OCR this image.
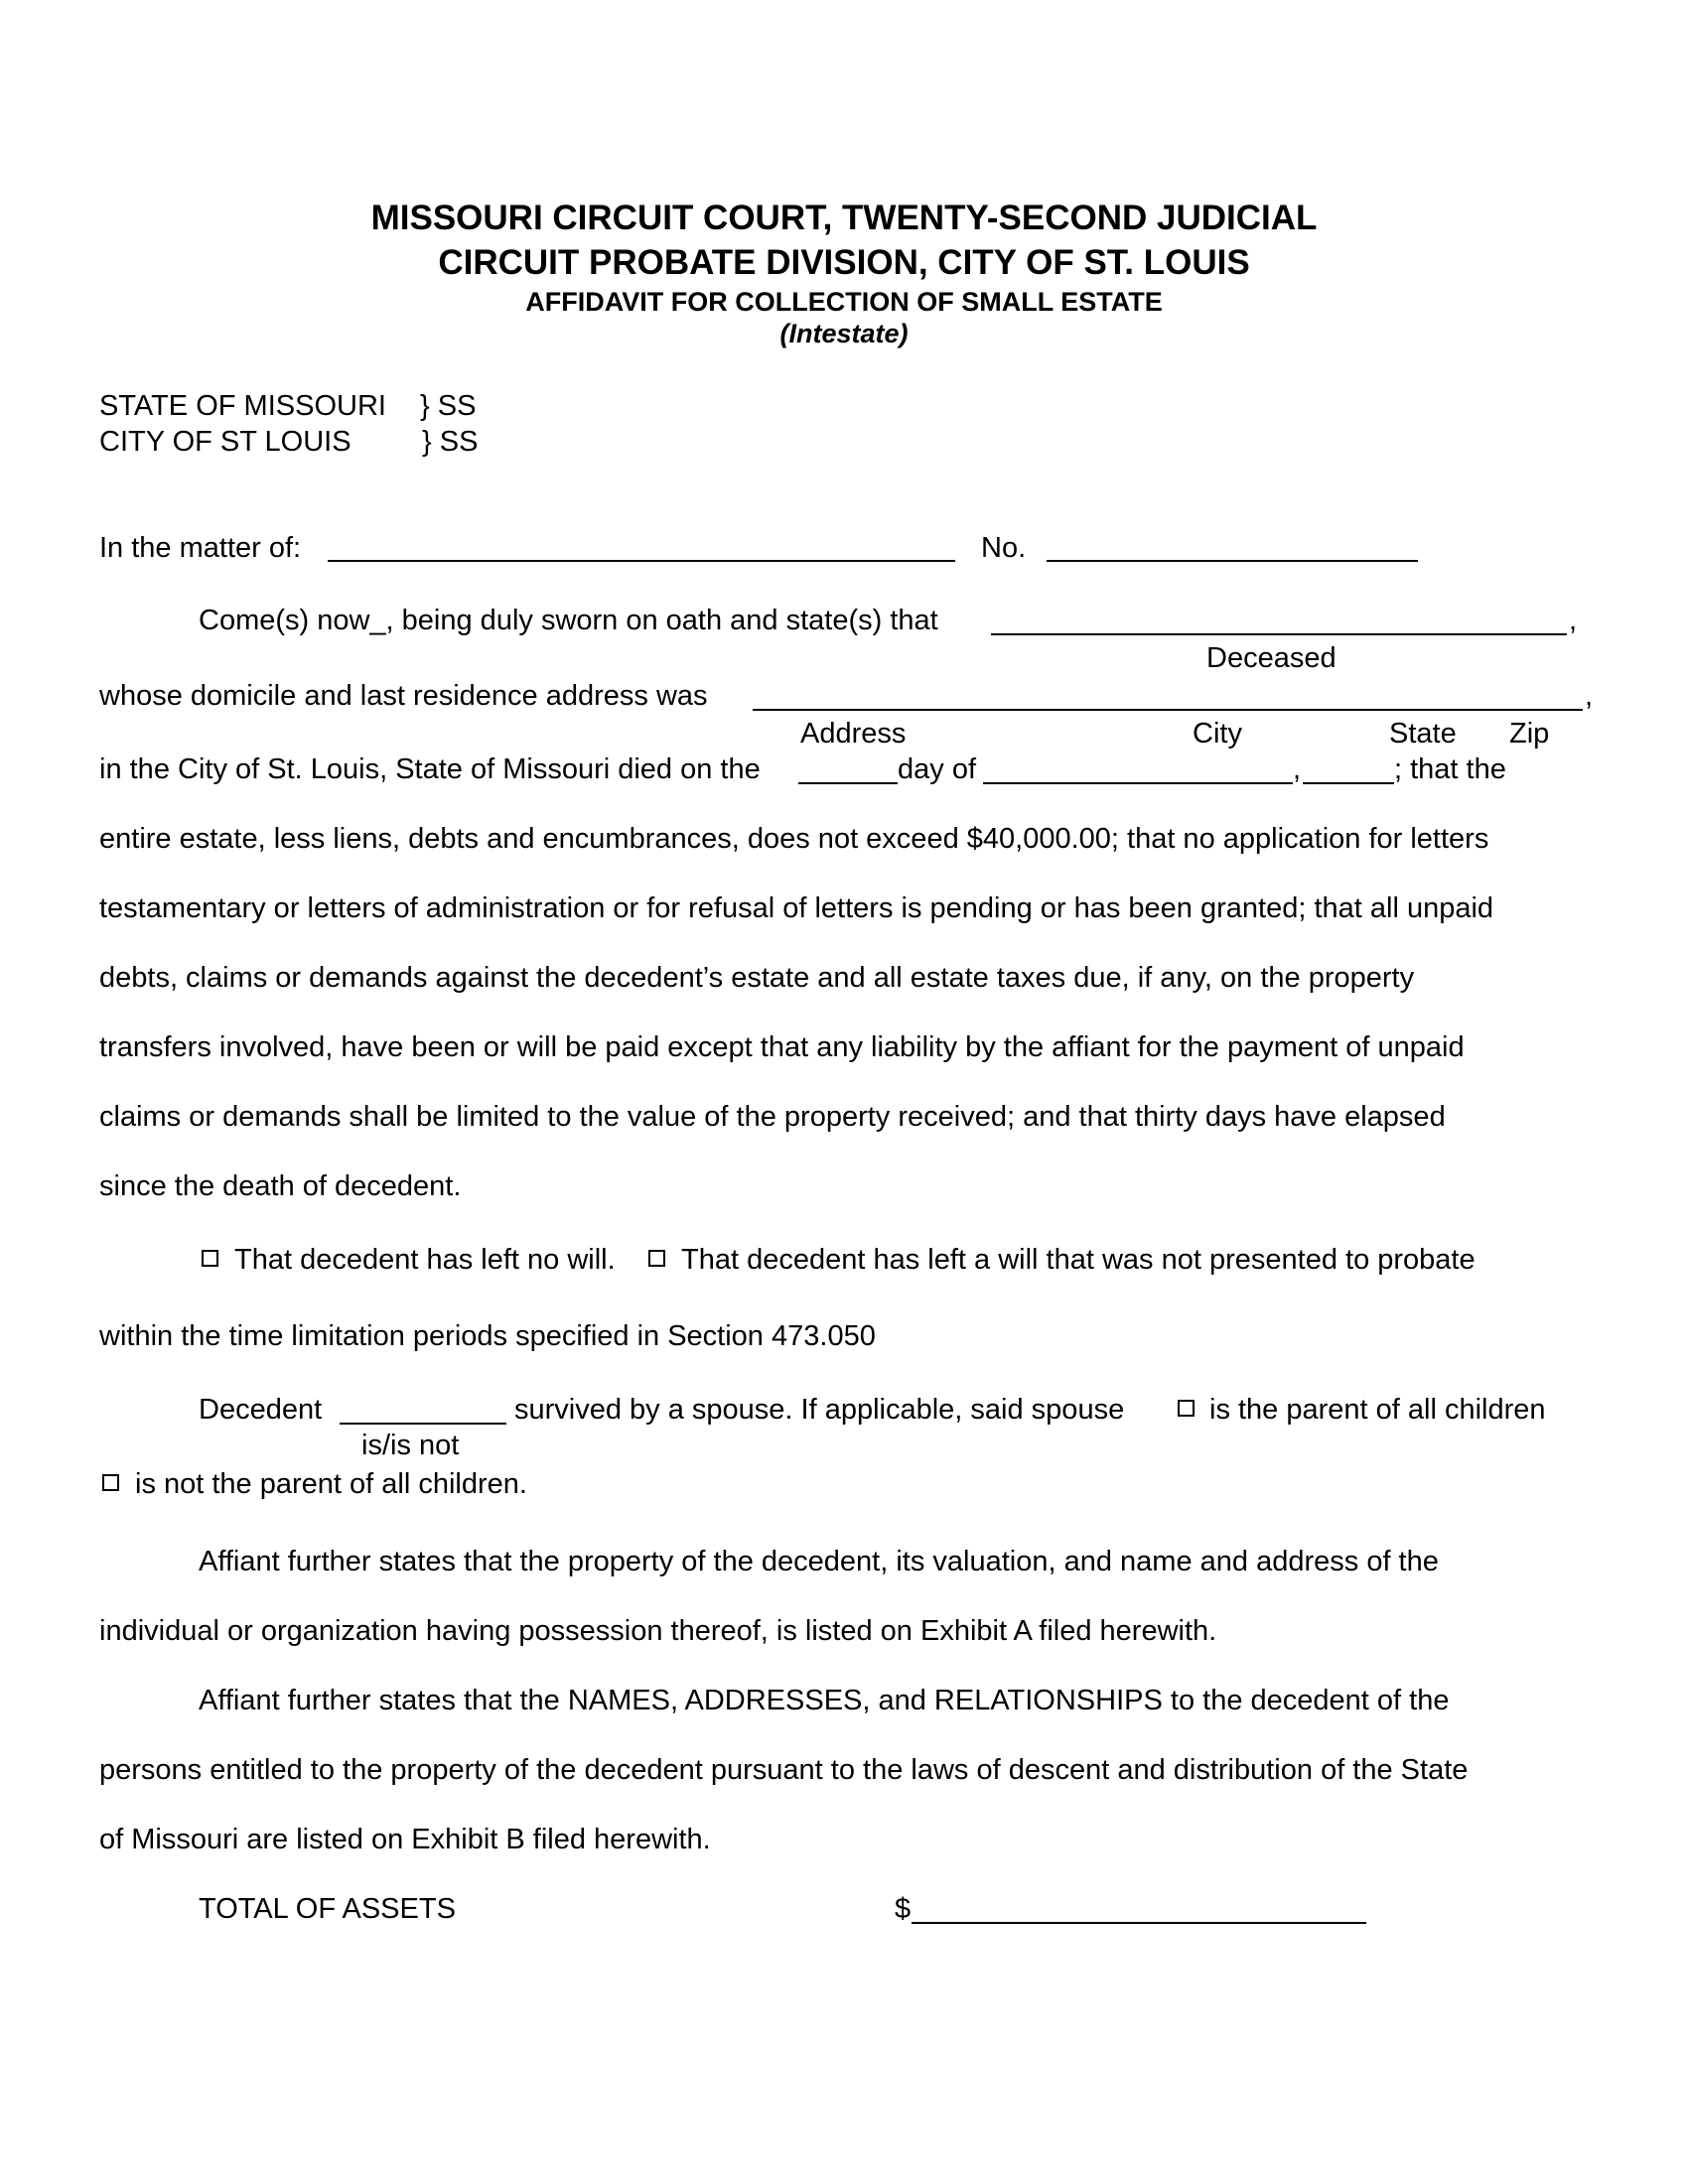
MISSOURI CIRCUIT COURT, TWENTY-SECOND JUDICIAL
CIRCUIT PROBATE DIVISION, CITY OF ST. LOUIS
AFFIDAVIT FOR COLLECTION OF SMALL ESTATE
(Intestate)
STATE OF MISSOURI } SS
CITY OF ST LOUIS } SS
In the matter of:	No.
Come(s) now_, being duly sworn on oath and state(s) that	,
Deceased
whose domicile and last residence address was	,
Address	City	State Zip
in the City of St. Louis, State of Missouri died on the	day of	,	; that the
entire estate, less liens, debts and encumbrances, does not exceed $40,000.00; that no application for letters
testamentary or letters of administration or for refusal of letters is pending or has been granted; that all unpaid
debts, claims or demands against the decedent’s estate and all estate taxes due, if any, on the property
transfers involved, have been or will be paid except that any liability by the affiant for the payment of unpaid
claims or demands shall be limited to the value of the property received; and that thirty days have elapsed
since the death of decedent.
That decedent has left no will. That decedent has left a will that was not presented to probate
within the time limitation periods specified in Section 473.050
Decedent	survived by a spouse. If applicable, said spouse	is the parent of all children
is/is not
is not the parent of all children.
Affiant further states that the property of the decedent, its valuation, and name and address of the
individual or organization having possession thereof, is listed on Exhibit A filed herewith.
Affiant further states that the NAMES, ADDRESSES, and RELATIONSHIPS to the decedent of the
persons entitled to the property of the decedent pursuant to the laws of descent and distribution of the State
of Missouri are listed on Exhibit B filed herewith.
TOTAL OF ASSETS	$
